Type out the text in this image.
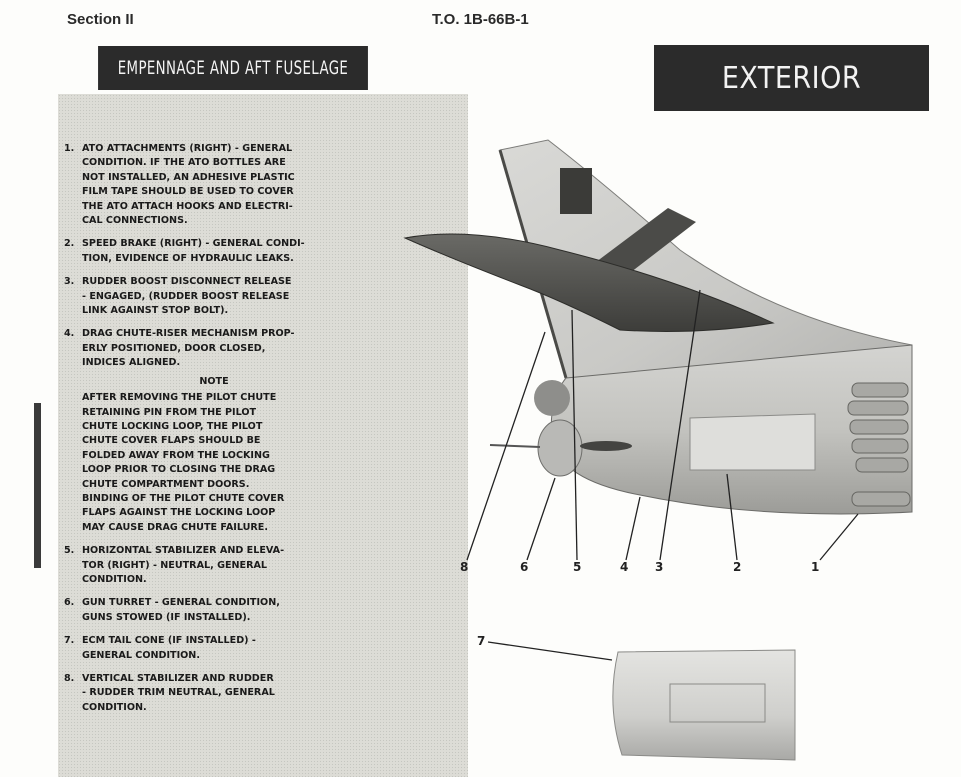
Section II	T.O. 1B-66B-1
EMPENNAGE AND AFT FUSELAGE	EXTERIOR
1. ATO ATTACHMENTS (RIGHT) - GENERAL
CONDITION. IF THE ATO BOTTLES ARE
NOT INSTALLED, AN ADHESIVE PLASTIC
FILM TAPE SHOULD BE USED TO COVER
THE ATO ATTACH HOOKS AND ELECTRI-
CAL CONNECTIONS.
2. SPEED BRAKE (RIGHT) - GENERAL CONDI-
TION, EVIDENCE OF HYDRAULIC LEAKS.
3. RUDDER BOOST DISCONNECT RELEASE
- ENGAGED, (RUDDER BOOST RELEASE
LINK AGAINST STOP BOLT).
4. DRAG CHUTE-RISER MECHANISM PROP-
ERLY POSITIONED, DOOR CLOSED,
INDICES ALIGNED.
NOTE
AFTER REMOVING THE PILOT CHUTE
RETAINING PIN FROM THE PILOT
CHUTE LOCKING LOOP, THE PILOT
CHUTE COVER FLAPS SHOULD BE
FOLDED AWAY FROM THE LOCKING
LOOP PRIOR TO CLOSING THE DRAG
CHUTE COMPARTMENT DOORS.
BINDING OF THE PILOT CHUTE COVER
FLAPS AGAINST THE LOCKING LOOP
MAY CAUSE DRAG CHUTE FAILURE.
5. HORIZONTAL STABILIZER AND ELEVA-
TOR (RIGHT) - NEUTRAL, GENERAL
CONDITION.
6. GUN TURRET - GENERAL CONDITION,
GUNS STOWED (IF INSTALLED).
7. ECM TAIL CONE (IF INSTALLED) -
GENERAL CONDITION.
8. VERTICAL STABILIZER AND RUDDER
- RUDDER TRIM NEUTRAL, GENERAL
CONDITION.
1
2
3
4
5
6
7
8
